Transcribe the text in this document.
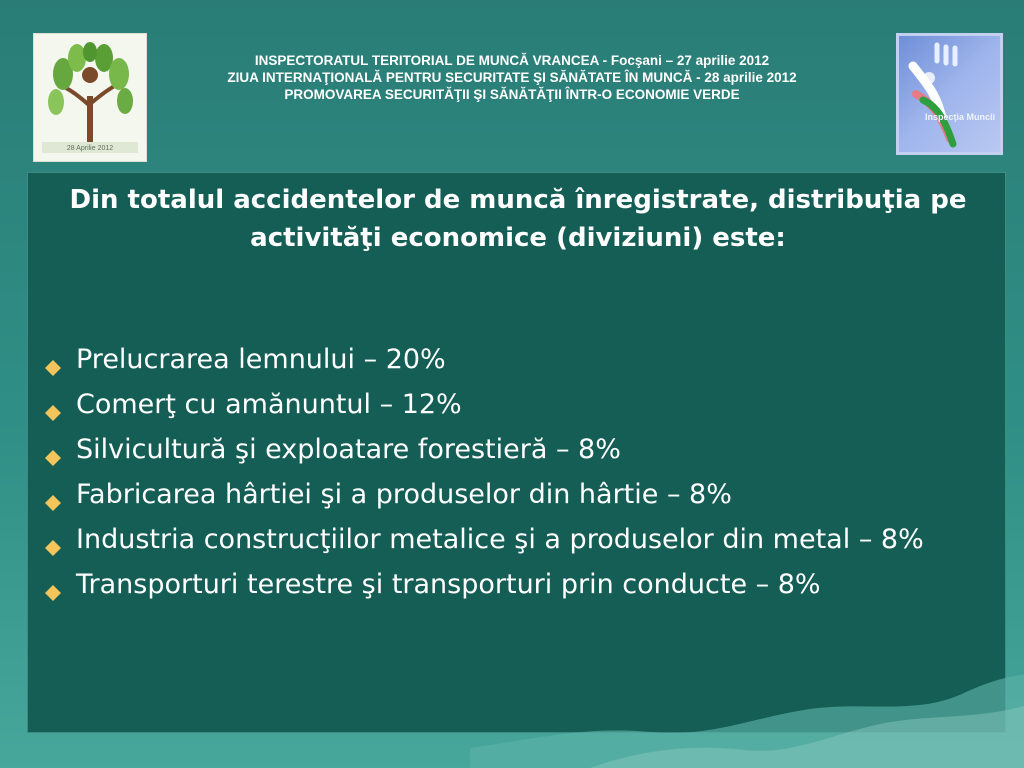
28 Aprilie 2012
INSPECTORATUL TERITORIAL DE MUNCĂ VRANCEA - Focşani – 27 aprilie 2012
ZIUA INTERNAŢIONALĂ PENTRU SECURITATE ŞI SĂNĂTATE ÎN MUNCĂ - 28 aprilie 2012
PROMOVAREA SECURITĂŢII ŞI SĂNĂTĂŢII ÎNTR-O ECONOMIE VERDE
Inspecţia Muncii
Din totalul accidentelor de muncă înregistrate, distribuţia pe activităţi economice (diviziuni) este:
Prelucrarea lemnului – 20%
Comerţ cu amănuntul – 12%
Silvicultură şi exploatare forestieră – 8%
Fabricarea hârtiei şi a produselor din hârtie – 8%
Industria construcţiilor metalice şi a produselor din metal – 8%
Transporturi terestre şi transporturi prin conducte – 8%
